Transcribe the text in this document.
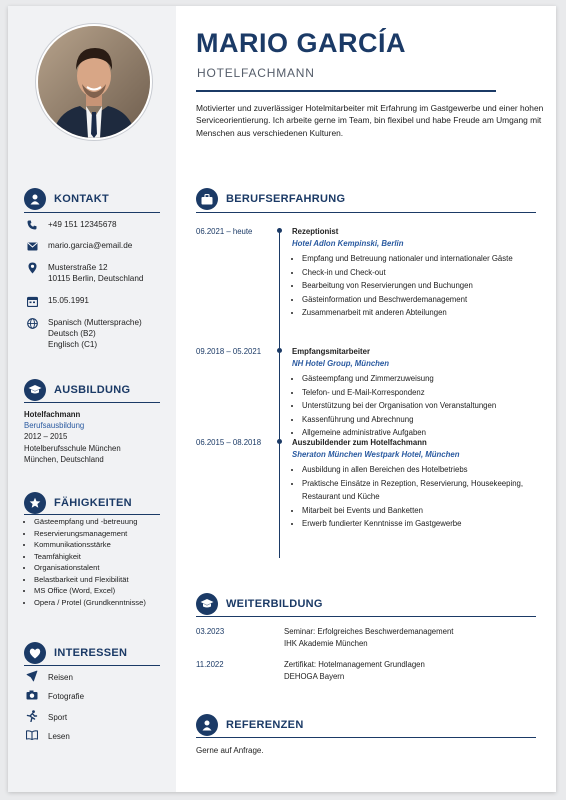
KONTAKT
+49 151 12345678
mario.garcia@email.de
Musterstraße 12
10115 Berlin, Deutschland
15.05.1991
Spanisch (Muttersprache)
Deutsch (B2)
Englisch (C1)
AUSBILDUNG
Hotelfachmann
Berufsausbildung
2012 – 2015
Hotelberufsschule München
München, Deutschland
FÄHIGKEITEN
• Gästeempfang und -betreuung
• Reservierungsmanagement
• Kommunikationsstärke
• Teamfähigkeit
• Organisationstalent
• Belastbarkeit und Flexibilität
• MS Office (Word, Excel)
• Opera / Protel (Grundkenntnisse)
INTERESSEN
Reisen
Fotografie
Sport
Lesen
MARIO GARCÍA
HOTELFACHMANN
Motivierter und zuverlässiger Hotelmitarbeiter mit Erfahrung im Gastgewerbe und einer hohen Serviceorientierung. Ich arbeite gerne im Team, bin flexibel und habe Freude am Umgang mit Menschen aus verschiedenen Kulturen.
BERUFSERFAHRUNG
06.2021 – heute	Rezeptionist
Hotel Adlon Kempinski, Berlin
• Empfang und Betreuung nationaler und internationaler Gäste
• Check-in und Check-out
• Bearbeitung von Reservierungen und Buchungen
• Gästeinformation und Beschwerdemanagement
• Zusammenarbeit mit anderen Abteilungen
09.2018 – 05.2021	Empfangsmitarbeiter
NH Hotel Group, München
• Gästeempfang und Zimmerzuweisung
• Telefon- und E-Mail-Korrespondenz
• Unterstützung bei der Organisation von Veranstaltungen
• Kassenführung und Abrechnung
• Allgemeine administrative Aufgaben
06.2015 – 08.2018	Auszubildender zum Hotelfachmann
Sheraton München Westpark Hotel, München
• Ausbildung in allen Bereichen des Hotelbetriebs
• Praktische Einsätze in Rezeption, Reservierung, Housekeeping, Restaurant und Küche
• Mitarbeit bei Events und Banketten
• Erwerb fundierter Kenntnisse im Gastgewerbe
WEITERBILDUNG
03.2023	Seminar: Erfolgreiches Beschwerdemanagement
IHK Akademie München
11.2022	Zertifikat: Hotelmanagement Grundlagen
DEHOGA Bayern
REFERENZEN
Gerne auf Anfrage.
